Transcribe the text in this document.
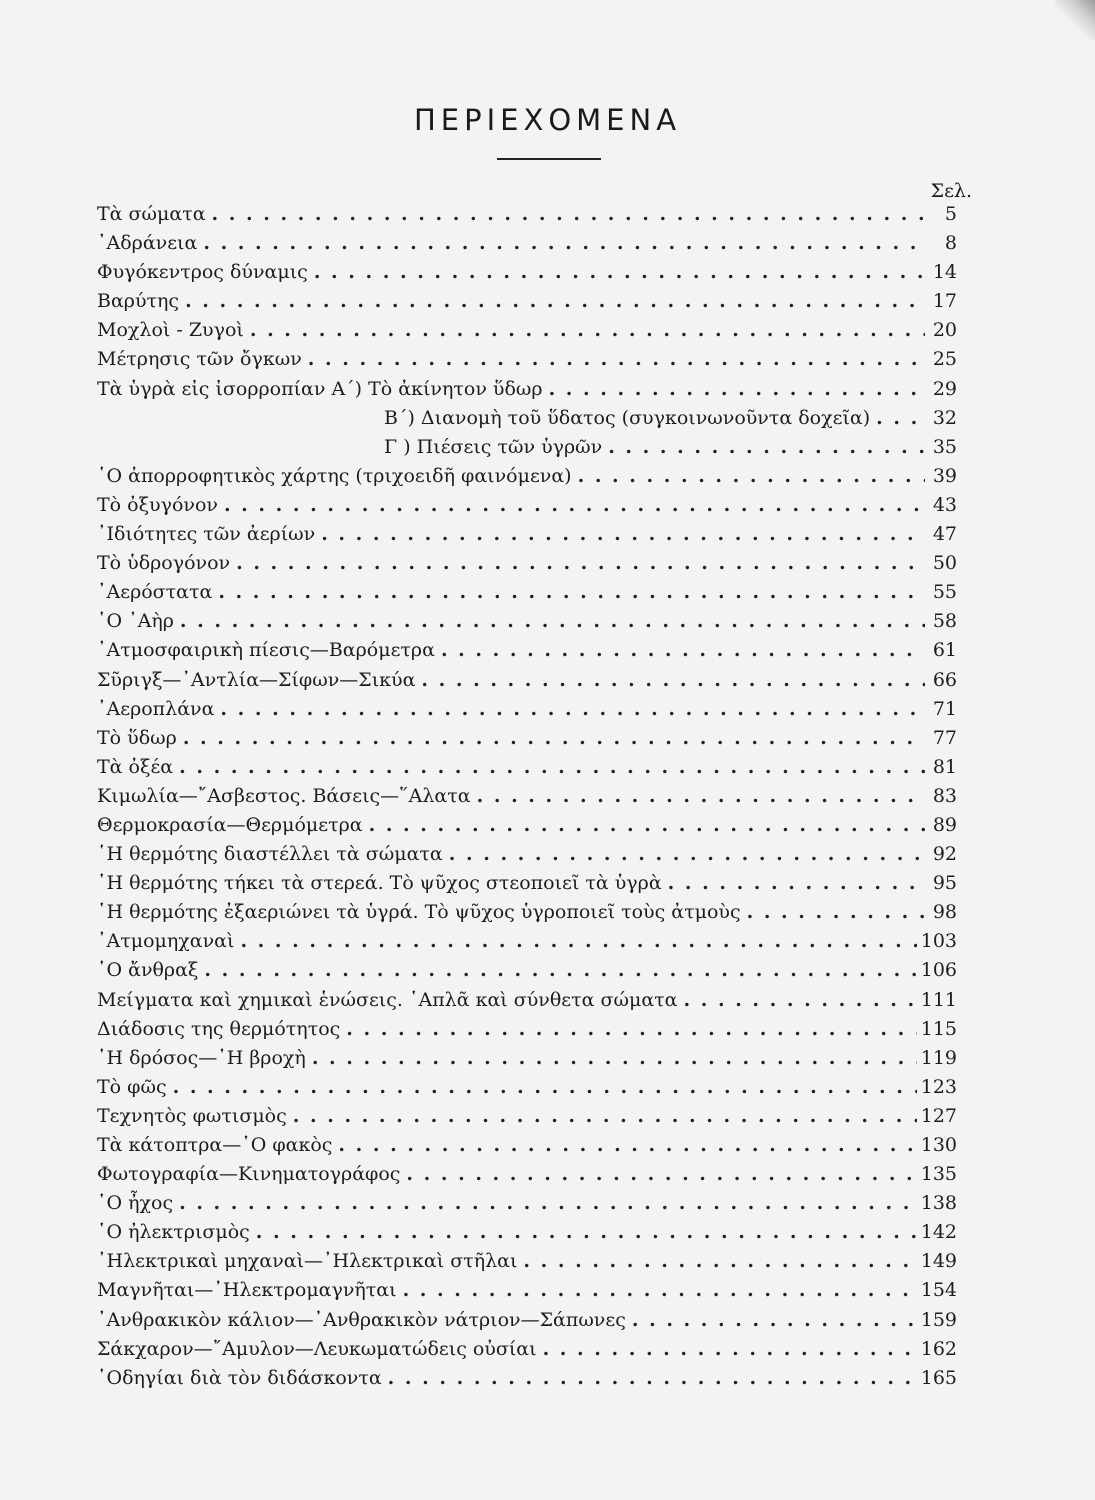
ΠΕΡΙΕΧΟΜΕΝΑ
Σελ.
Τὰ σώματα . . .	5
᾿Αδράνεια . . .	8
Φυγόκεντρος δύναμις . . .	14
Βαρύτης . . .	17
Μοχλοὶ - Ζυγοὶ . . .	20
Μέτρησις τῶν ὄγκων . . .	25
Τὰ ὑγρὰ εἰς ἰσορροπίαν Α΄) Τὸ ἀκίνητον ὕδωρ . . .	29
Β΄) Διανομὴ τοῦ ὕδατος (συγκοινωνοῦντα δοχεῖα) . . .	32
Γ ) Πιέσεις τῶν ὑγρῶν . . .	35
῾Ο ἀπορροφητικὸς χάρτης (τριχοειδῆ φαινόμενα) . . .	39
Τὸ ὀξυγόνον . . .	43
᾿Ιδιότητες τῶν ἀερίων . . .	47
Τὸ ὑδρογόνον . . .	50
᾿Αερόστατα . . .	55
῾Ο ᾿Αὴρ . . .	58
᾿Ατμοσφαιρικὴ πίεσις—Βαρόμετρα . . .	61
Σῦριγξ—᾿Αντλία—Σίφων—Σικύα . . .	66
᾿Αεροπλάνα . . .	71
Τὸ ὕδωρ . . .	77
Τὰ ὀξέα . . .	81
Κιμωλία—῎Ασβεστος. Βάσεις—῞Αλατα . . .	83
Θερμοκρασία—Θερμόμετρα . . .	89
῾Η θερμότης διαστέλλει τὰ σώματα . . .	92
῾Η θερμότης τήκει τὰ στερεά. Τὸ ψῦχος στεοποιεῖ τὰ ὑγρὰ . . .	95
῾Η θερμότης ἐξαεριώνει τὰ ὑγρά. Τὸ ψῦχος ὑγροποιεῖ τοὺς ἀτμοὺς . . .	98
᾿Ατμομηχαναὶ . . .	103
῾Ο ἄνθραξ . . .	106
Μείγματα καὶ χημικαὶ ἑνώσεις. ῾Απλᾶ καὶ σύνθετα σώματα . . .	111
Διάδοσις της θερμότητος . . .	115
῾Η δρόσος—῾Η βροχὴ . . .	119
Τὸ φῶς . . .	123
Τεχνητὸς φωτισμὸς . . .	127
Τὰ κάτοπτρα—῾Ο φακὸς . . .	130
Φωτογραφία—Κινηματογράφος . . .	135
῾Ο ἦχος . . .	138
῾Ο ἠλεκτρισμὸς . . .	142
᾿Ηλεκτρικαὶ μηχαναὶ—᾿Ηλεκτρικαὶ στῆλαι . . .	149
Μαγνῆται—᾿Ηλεκτρομαγνῆται . . .	154
᾿Ανθρακικὸν κάλιον—᾿Ανθρακικὸν νάτριον—Σάπωνες . . .	159
Σάκχαρον—῎Αμυλον—Λευκωματώδεις οὐσίαι . . .	162
῾Οδηγίαι διὰ τὸν διδάσκοντα . . .	165
